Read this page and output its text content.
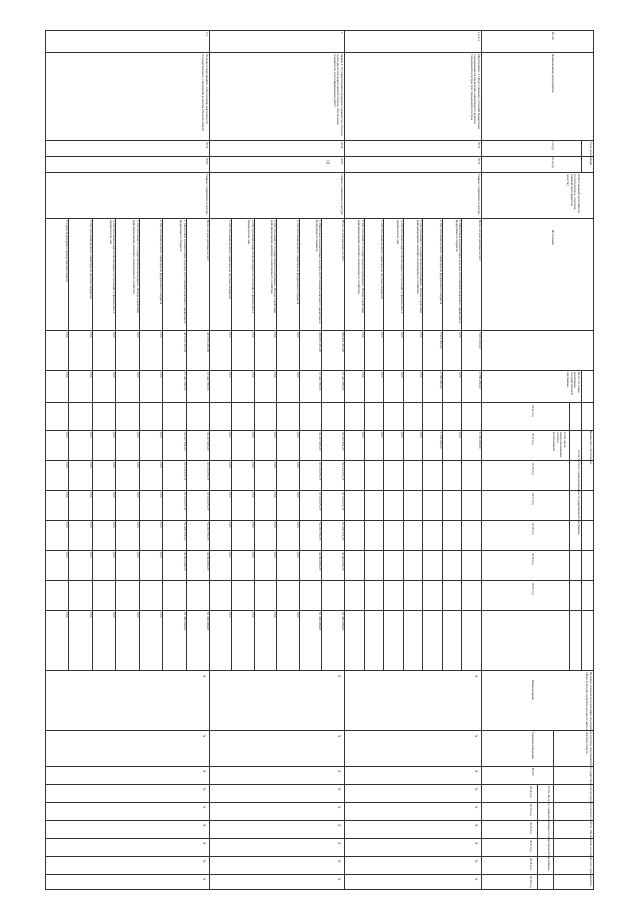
10
№ п/п
Наименование мероприятия
Срок реализации
с (год)
по (год)
Ответственный исполнитель (соисполнитель, участник, главный распорядитель средств)
Источники
Финансовое обеспечение
Всего по годам реализации государственной программы
в том числе по годам реализации государственной программы
2014 год
2015 год
2016 год
2017 год
2018 год
2019 год
2020 год
в том числе неиспользованные остатки ассигнований
Целевые показатели реализации мероприятия (группы мероприятий) государственной программы Омской области. Увеличение посещаемости учреждений в сфере культуры в расчёте на одного жителя Омской области
Наименование
Единица измерения
Всего
в том числе по годам реализации государственной программы
2014 год
2015 год
2016 год
2017 год
2018 год
2019 год
1.2.2.4
Мероприятие 4. Предоставление субсидий бюджетным учреждениям на проведение капитального ремонта учреждений культуры для учреждений культуры
2014
2015
Главное управление культуры
Всего, из них расходы за счет:
5 916 300,00
2 780 280,00
3 136 020,00
1. Налоговых и неналоговых доходов, поступлений нецелевого характера из федерального бюджета
0,00
0,00
0,00
2. Поступлений целевого характера из федерального бюджета
5 916 300,00
2 780 280,00
3 136 020,00
3. Поступлений от государственной корпорации - Фонда содействия реформированию жилищно-коммунального хозяйства
0,00
0,00
0,00
4. Поступлений в виде безвозмездных поступлений от физических и юридических лиц
0,00
0,00
0,00
5. Поступлений целевого характера из местных бюджетов
0,00
0,00
0,00
6. Поступлений от государственной корпорации - Фонда содействия реформированию жилищно-коммунального хозяйства
0,00
0,00
0,00
х
х
х
х
х
х
х
х
х
2
Задача 2. Государственная поддержка сохранности объектов культурного наследия Омской области, обеспечение сохранности и реставрационных работ
2014
2020
Главное управление культуры
Всего, из них расходы за счет:
269 830 481,26
15 441 795,53
34 217 297,23
33 134 071,37
33 134 071,37
52 239 751,05
42 964 082,25
61 499 296,80
1. Налоговых и неналоговых доходов, поступлений нецелевого характера из федерального бюджета
269 830 481,26
15 441 795,53
34 217 297,23
33 134 071,37
33 134 071,37
52 239 751,05
42 964 082,25
61 499 296,80
2. Поступлений целевого характера из федерального бюджета
0,00
0,00
0,00
0,00
0,00
0,00
0,00
0,00
3. Поступлений от государственной корпорации - Фонда содействия реформированию жилищно-коммунального хозяйства
0,00
0,00
0,00
0,00
0,00
0,00
0,00
0,00
4. Поступлений в виде безвозмездных поступлений от физических и юридических лиц
0,00
0,00
0,00
0,00
0,00
0,00
0,00
0,00
5. Поступлений целевого характера из местных бюджетов
0,00
0,00
0,00
0,00
0,00
0,00
0,00
0,00
х
х
х
х
х
х
х
х
х
2.1
Основное мероприятие. Обеспечение деятельности государственного учреждения культуры Омской области
2014
2020
Главное управление культуры
Всего, из них расходы за счет:
481 050 481,36
15 441 795,53
34 217 297,23
33 134 071,37
33 134 071,37
52 239 751,05
42 964 082,25
61 499 296,80
1. Налоговых и неналоговых доходов, поступлений нецелевого характера из федерального бюджета
481 050 481,36
15 441 795,53
34 217 297,23
33 134 071,37
33 134 071,37
52 239 751,05
42 964 082,25
61 499 296,80
2. Поступлений целевого характера из федерального бюджета
0,00
0,00
0,00
0,00
0,00
0,00
0,00
0,00
3. Поступлений от государственной корпорации - Фонда содействия реформированию жилищно-коммунального хозяйства
0,00
0,00
0,00
0,00
0,00
0,00
0,00
0,00
4. Поступлений в виде безвозмездных поступлений от физических и юридических лиц
0,00
0,00
0,00
0,00
0,00
0,00
0,00
0,00
5. Поступлений целевого характера из местных бюджетов
0,00
0,00
0,00
0,00
0,00
0,00
0,00
0,00
6. Средств резервного фонда Омской области
0,00
0,00
0,00
0,00
0,00
0,00
0,00
0,00
х
х
х
х
х
х
х
х
х
